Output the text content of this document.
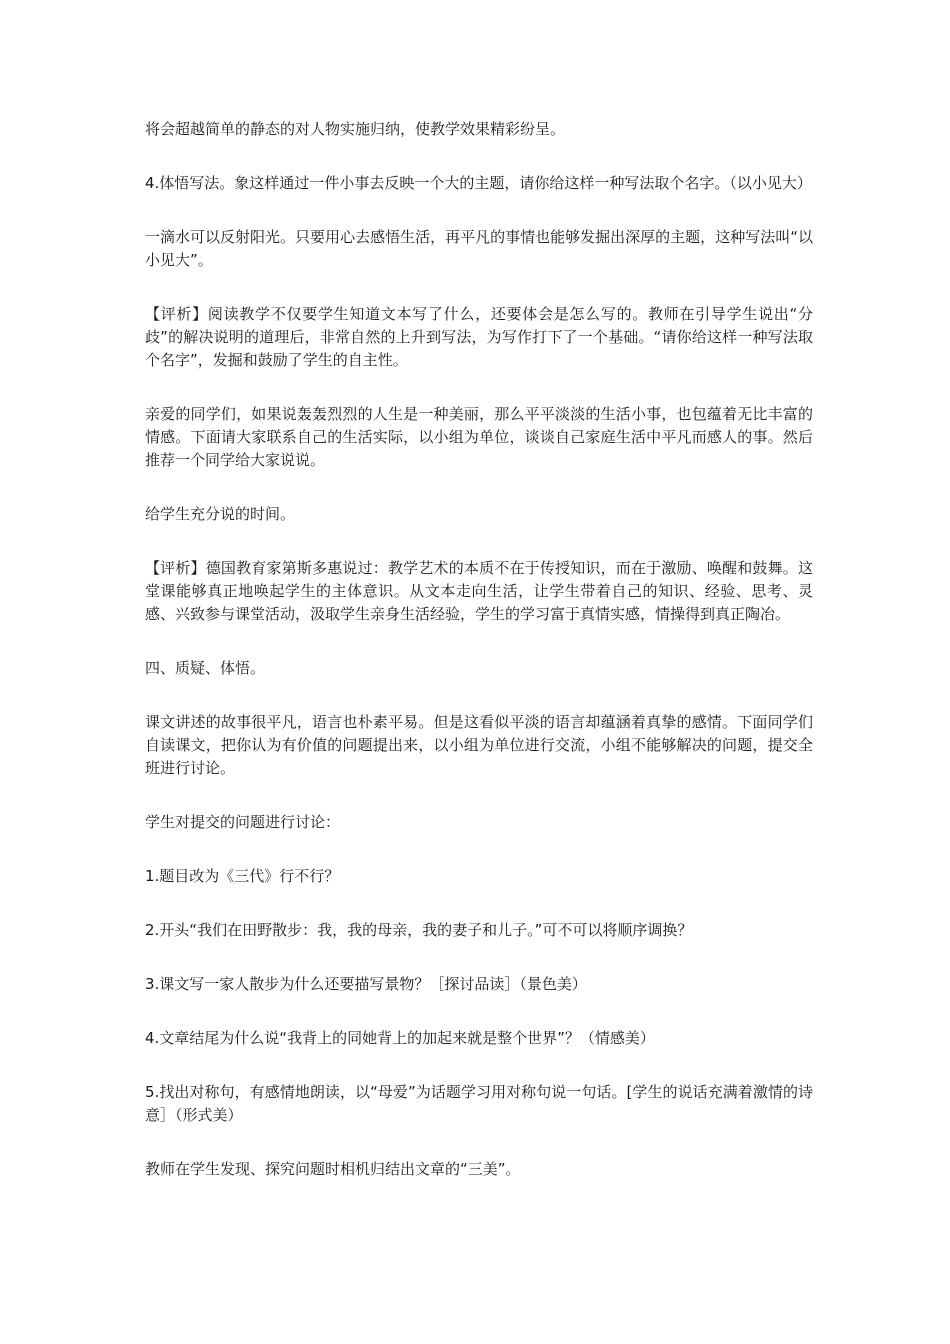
将会超越简单的静态的对人物实施归纳，使教学效果精彩纷呈。

4.体悟写法。象这样通过一件小事去反映一个大的主题，请你给这样一种写法取个名字。（以小见大）

一滴水可以反射阳光。只要用心去感悟生活，再平凡的事情也能够发掘出深厚的主题，这种写法叫“以小见大”。

【评析】阅读教学不仅要学生知道文本写了什么，还要体会是怎么写的。教师在引导学生说出“分歧”的解决说明的道理后，非常自然的上升到写法，为写作打下了一个基础。“请你给这样一种写法取个名字”，发掘和鼓励了学生的自主性。

亲爱的同学们，如果说轰轰烈烈的人生是一种美丽，那么平平淡淡的生活小事，也包蕴着无比丰富的情感。下面请大家联系自己的生活实际，以小组为单位，谈谈自己家庭生活中平凡而感人的事。然后推荐一个同学给大家说说。

给学生充分说的时间。

【评析】德国教育家第斯多惠说过：教学艺术的本质不在于传授知识，而在于激励、唤醒和鼓舞。这堂课能够真正地唤起学生的主体意识。从文本走向生活，让学生带着自己的知识、经验、思考、灵感、兴致参与课堂活动，汲取学生亲身生活经验，学生的学习富于真情实感，情操得到真正陶冶。

四、质疑、体悟。

课文讲述的故事很平凡，语言也朴素平易。但是这看似平淡的语言却蕴涵着真挚的感情。下面同学们自读课文，把你认为有价值的问题提出来，以小组为单位进行交流，小组不能够解决的问题，提交全班进行讨论。

学生对提交的问题进行讨论：

1.题目改为《三代》行不行？

2.开头“我们在田野散步：我，我的母亲，我的妻子和儿子。”可不可以将顺序调换？

3.课文写一家人散步为什么还要描写景物？［探讨品读］（景色美）

4.文章结尾为什么说“我背上的同她背上的加起来就是整个世界”？（情感美）

5.找出对称句，有感情地朗读，以“母爱”为话题学习用对称句说一句话。[学生的说话充满着激情的诗意］（形式美）

教师在学生发现、探究问题时相机归结出文章的“三美”。
